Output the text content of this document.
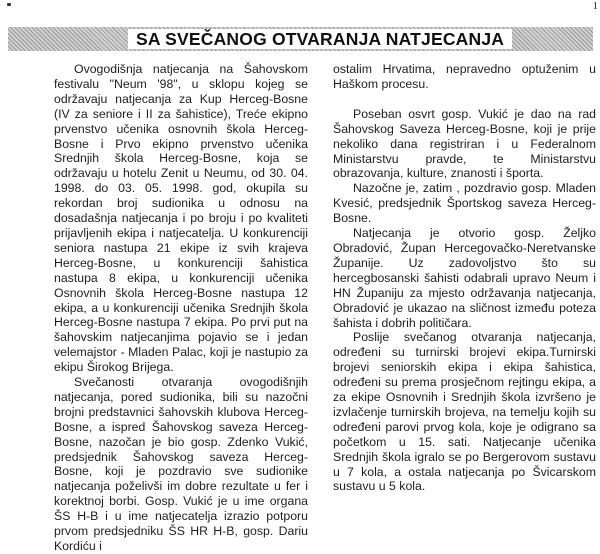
1
SA SVEČANOG OTVARANJA NATJECANJA

Ovogodišnja natjecanja na Šahovskom festivalu "Neum '98", u sklopu kojeg se održavaju natjecanja za Kup Herceg-Bosne (IV za seniore i II za šahistice), Treće ekipno prvenstvo učenika osnovnih škola Herceg-Bosne i Prvo ekipno prvenstvo učenika Srednjih škola Herceg-Bosne, koja se održavaju u hotelu Zenit u Neumu, od 30. 04. 1998. do 03. 05. 1998. god, okupila su rekordan broj sudionika u odnosu na dosadašnja natjecanja i po broju i po kvaliteti prijavljenih ekipa i natjecatelja. U konkurenciji seniora nastupa 21 ekipe iz svih krajeva Herceg-Bosne, u konkurenciji šahistica nastupa 8 ekipa, u konkurenciji učenika Osnovnih škola Herceg-Bosne nastupa 12 ekipa, a u konkurenciji učenika Srednjih škola Herceg-Bosne nastupa 7 ekipa. Po prvi put na šahovskim natjecanjima pojavio se i jedan velemajstor - Mladen Palac, koji je nastupio za ekipu Širokog Brijega.

Svečanosti otvaranja ovogodišnjih natjecanja, pored sudionika, bili su nazočni brojni predstavnici šahovskih klubova Herceg-Bosne, a ispred Šahovskog saveza Herceg-Bosne, nazočan je bio gosp. Zdenko Vukić, predsjednik Šahovskog saveza Herceg-Bosne, koji je pozdravio sve sudionike natjecanja poželivši im dobre rezultate u fer i korektnoj borbi. Gosp. Vukić je u ime organa ŠS H-B i u ime natjecatelja izrazio potporu prvom predsjedniku ŠS HR H-B, gosp. Dariu Kordiću i

ostalim Hrvatima, nepravedno optuženim u Haškom procesu.

Poseban osvrt gosp. Vukić je dao na rad Šahovskog Saveza Herceg-Bosne, koji je prije nekoliko dana registriran i u Federalnom Ministarstvu pravde, te Ministarstvu obrazovanja, kulture, znanosti i športa.

Nazočne je, zatim , pozdravio gosp. Mladen Kvesić, predsjednik Športskog saveza Herceg-Bosne.

Natjecanja je otvorio gosp. Željko Obradović, Župan Hercegovačko-Neretvanske Županije. Uz zadovoljstvo što su hercegbosanski šahisti odabrali upravo Neum i HN Županiju za mjesto održavanja natjecanja, Obradović je ukazao na sličnost između poteza šahista i dobrih političara.

Poslije svečanog otvaranja natjecanja, određeni su turnirski brojevi ekipa.Turnirski brojevi seniorskih ekipa i ekipa šahistica, određeni su prema prosječnom rejtingu ekipa, a za ekipe Osnovnih i Srednjih škola izvršeno je izvlačenje turnirskih brojeva, na temelju kojih su određeni parovi prvog kola, koje je odigrano sa početkom u 15. sati. Natjecanje učenika Srednjih škola igralo se po Bergerovom sustavu u 7 kola, a ostala natjecanja po Švicarskom sustavu u 5 kola.
